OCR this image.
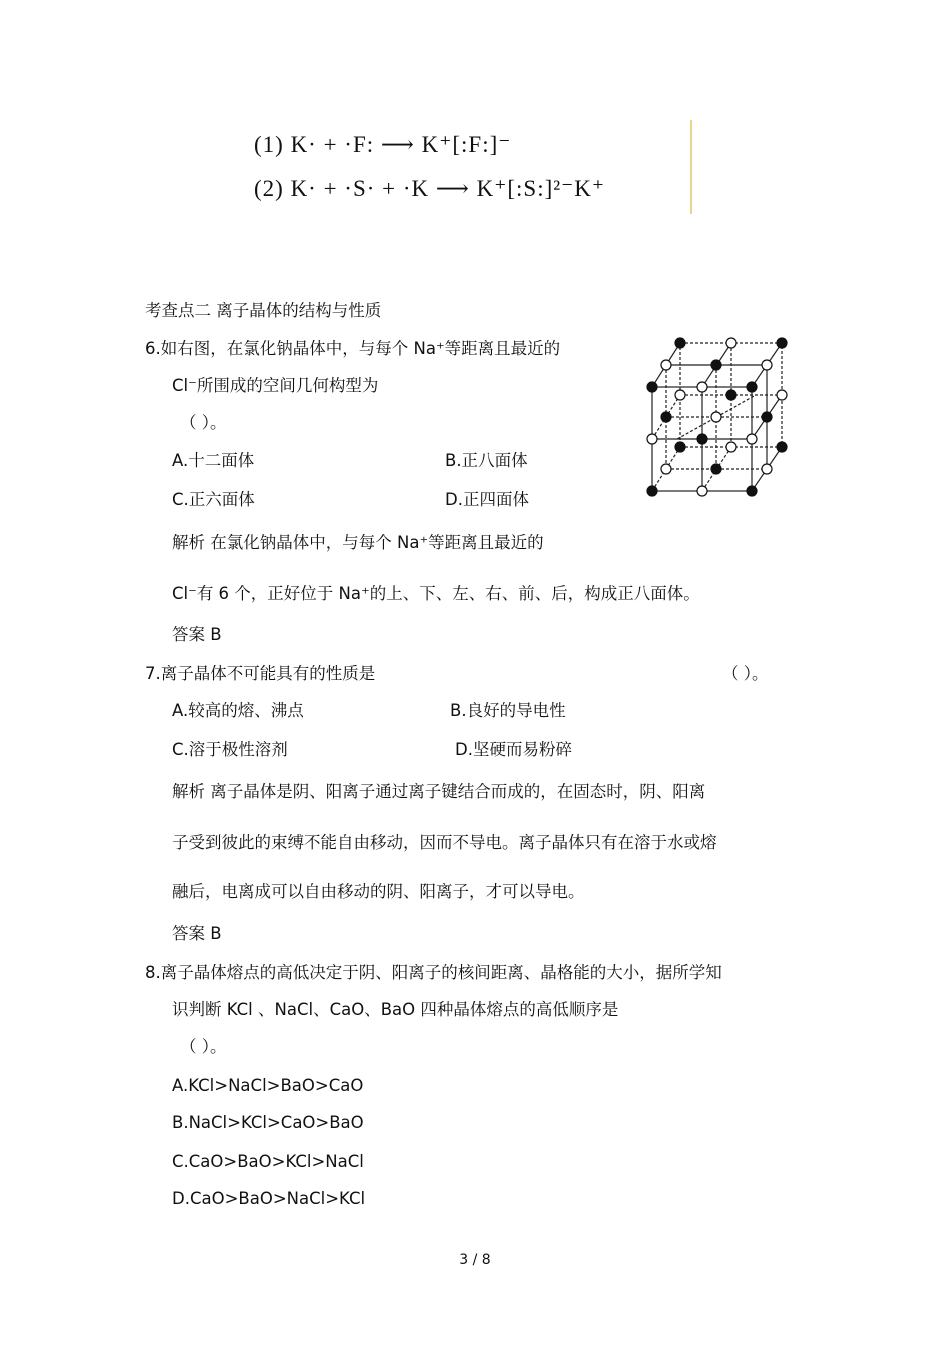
(1) K· + ·F: ⟶ K⁺[:F:]⁻
(2) K· + ·S· + ·K ⟶ K⁺[:S:]²⁻K⁺
考查点二 离子晶体的结构与性质
6.如右图，在氯化钠晶体中，与每个 Na⁺等距离且最近的
Cl⁻所围成的空间几何构型为
（ ）。
A.十二面体	B.正八面体
C.正六面体	D.正四面体
解析 在氯化钠晶体中，与每个 Na⁺等距离且最近的
Cl⁻有 6 个，正好位于 Na⁺的上、下、左、右、前、后，构成正八面体。
答案 B
7.离子晶体不可能具有的性质是	（ ）。
A.较高的熔、沸点	B.良好的导电性
C.溶于极性溶剂	D.坚硬而易粉碎
解析 离子晶体是阴、阳离子通过离子键结合而成的，在固态时，阴、阳离
子受到彼此的束缚不能自由移动，因而不导电。离子晶体只有在溶于水或熔
融后，电离成可以自由移动的阴、阳离子，才可以导电。
答案 B
8.离子晶体熔点的高低决定于阴、阳离子的核间距离、晶格能的大小，据所学知
识判断 KCl 、NaCl、CaO、BaO 四种晶体熔点的高低顺序是
（ ）。
A.KCl>NaCl>BaO>CaO
B.NaCl>KCl>CaO>BaO
C.CaO>BaO>KCl>NaCl
D.CaO>BaO>NaCl>KCl
3 / 8
